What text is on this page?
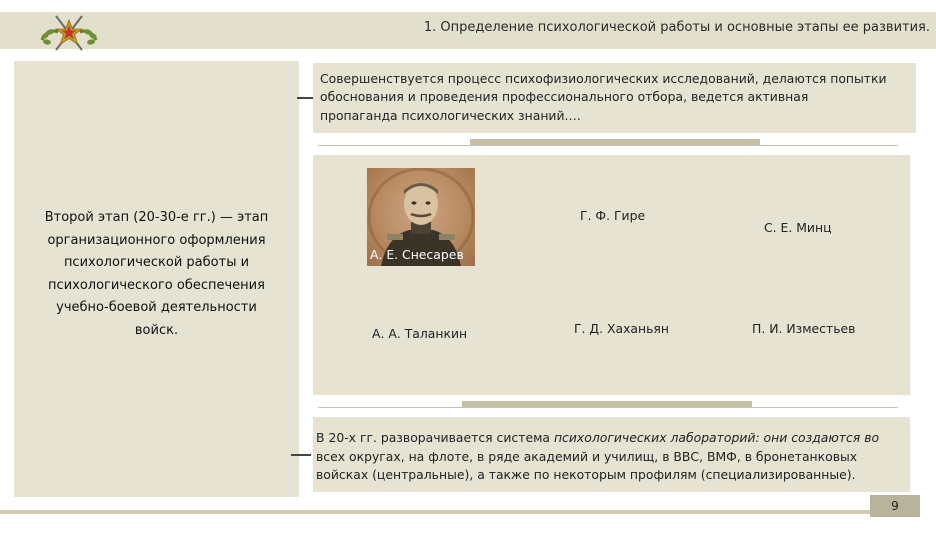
1. Определение психологической работы и основные этапы ее развития.
Второй этап (20-30-е гг.) — этап
организационного оформления
психологической работы и
психологического обеспечения
учебно-боевой деятельности
войск.
Совершенствуется процесс психофизиологических исследований, делаются попытки
обоснования и проведения профессионального отбора, ведется активная
пропаганда психологических знаний.…
А. Е. Снесарев
Г. Ф. Гире
С. Е. Минц
А. А. Таланкин	Г. Д. Хаханьян	П. И. Изместьев
В 20-х гг. разворачивается система психологических лабораторий: они создаются во
всех округах, на флоте, в ряде академий и училищ, в ВВС, ВМФ, в бронетанковых
войсках (центральные), а также по некоторым профилям (специализированные).
9
